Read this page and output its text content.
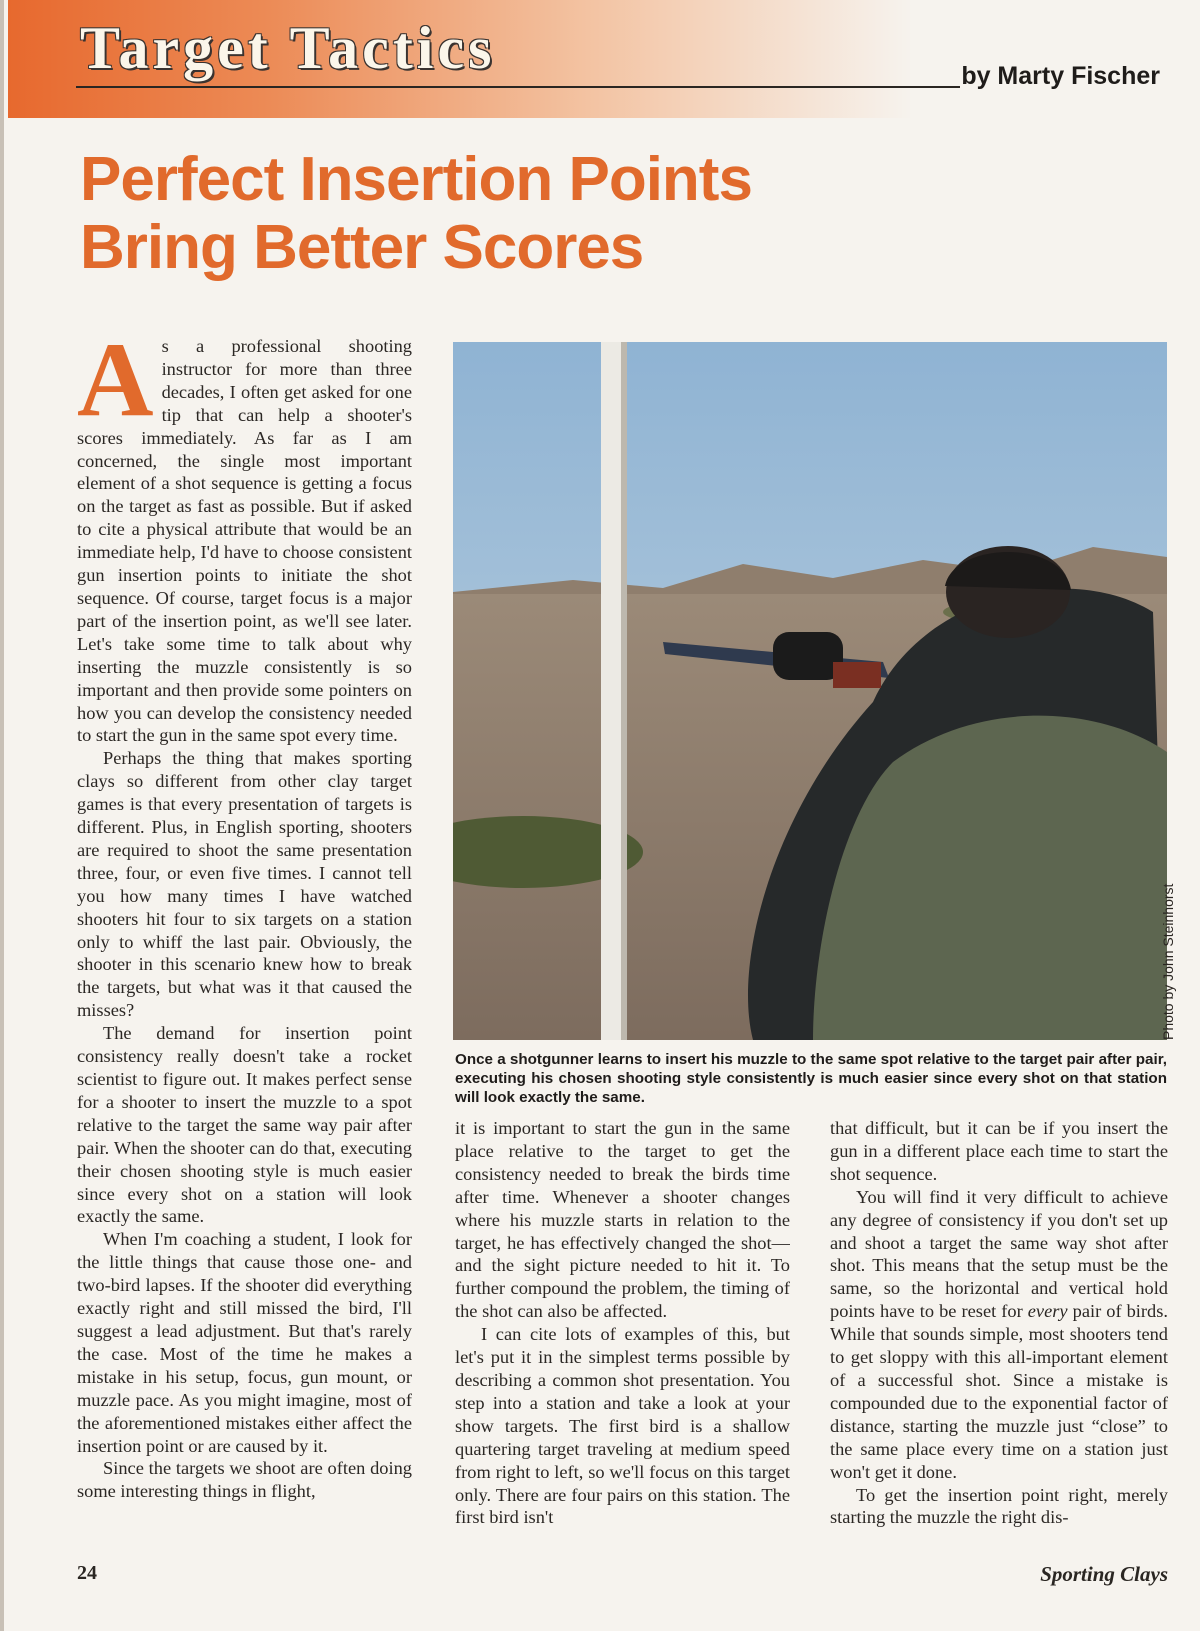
Target Tactics	by Marty Fischer

Perfect Insertion Points Bring Better Scores

As a professional shooting instructor for more than three decades, I often get asked for one tip that can help a shooter's scores immediately. As far as I am concerned, the single most important element of a shot sequence is getting a focus on the target as fast as possible. But if asked to cite a physical attribute that would be an immediate help, I'd have to choose consistent gun insertion points to initiate the shot sequence. Of course, target focus is a major part of the insertion point, as we'll see later. Let's take some time to talk about why inserting the muzzle consistently is so important and then provide some pointers on how you can develop the consistency needed to start the gun in the same spot every time.

Perhaps the thing that makes sporting clays so different from other clay target games is that every presentation of targets is different. Plus, in English sporting, shooters are required to shoot the same presentation three, four, or even five times. I cannot tell you how many times I have watched shooters hit four to six targets on a station only to whiff the last pair. Obviously, the shooter in this scenario knew how to break the targets, but what was it that caused the misses?

The demand for insertion point consistency really doesn't take a rocket scientist to figure out. It makes perfect sense for a shooter to insert the muzzle to a spot relative to the target the same way pair after pair. When the shooter can do that, executing their chosen shooting style is much easier since every shot on a station will look exactly the same.

When I'm coaching a student, I look for the little things that cause those one- and two-bird lapses. If the shooter did everything exactly right and still missed the bird, I'll suggest a lead adjustment. But that's rarely the case. Most of the time he makes a mistake in his setup, focus, gun mount, or muzzle pace. As you might imagine, most of the aforementioned mistakes either affect the insertion point or are caused by it.

Since the targets we shoot are often doing some interesting things in flight,

Photo by John Steinhorst

Once a shotgunner learns to insert his muzzle to the same spot relative to the target pair after pair, executing his chosen shooting style consistently is much easier since every shot on that station will look exactly the same.

it is important to start the gun in the same place relative to the target to get the consistency needed to break the birds time after time. Whenever a shooter changes where his muzzle starts in relation to the target, he has effectively changed the shot—and the sight picture needed to hit it. To further compound the problem, the timing of the shot can also be affected.

I can cite lots of examples of this, but let's put it in the simplest terms possible by describing a common shot presentation. You step into a station and take a look at your show targets. The first bird is a shallow quartering target traveling at medium speed from right to left, so we'll focus on this target only. There are four pairs on this station. The first bird isn't

that difficult, but it can be if you insert the gun in a different place each time to start the shot sequence.

You will find it very difficult to achieve any degree of consistency if you don't set up and shoot a target the same way shot after shot. This means that the setup must be the same, so the horizontal and vertical hold points have to be reset for every pair of birds. While that sounds simple, most shooters tend to get sloppy with this all-important element of a successful shot. Since a mistake is compounded due to the exponential factor of distance, starting the muzzle just “close” to the same place every time on a station just won't get it done.

To get the insertion point right, merely starting the muzzle the right dis-

24	Sporting Clays
